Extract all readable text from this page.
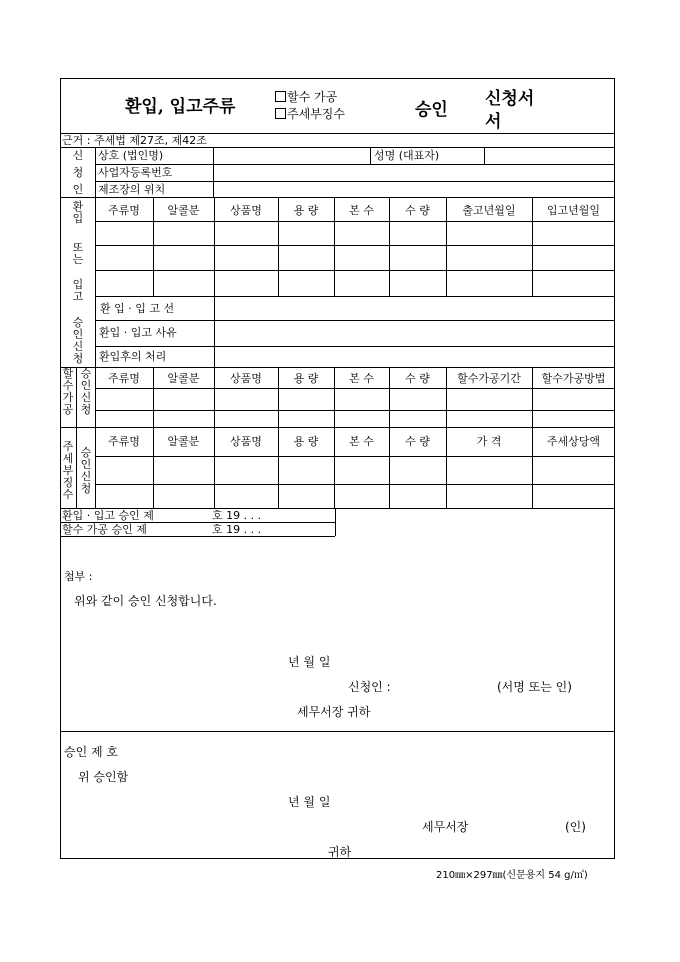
환입, 입고주류	할수 가공
주세부징수	승인
신청서
서
근거 : 주세법 제27조, 제42조
신
청
인
상호 (법인명)	성명 (대표자)
사업자등록번호
제조장의 위치
환
입
또
는
입
고
승
인
신
청
주류명	알콜분	상품명	용 량	본 수	수 량	출고년월일	입고년월일
환 입 · 입 고 선
환입 · 입고 사유
환입후의 처리
할
수
가
공
승
인
신
청
주류명	알콜분	상품명	용 량	본 수	수 량	할수가공기간	할수가공방법
주
세
부
징
수
승
인
신
청
주류명	알콜분	상품명	용 량	본 수	수 량	가 격	주세상당액
환입 · 입고 승인 제	호 19 . . .
할수 가공 승인 제	호 19 . . .
첨부 :
위와 같이 승인 신청합니다.
년 월 일
신청인 :	(서명 또는 인)
세무서장 귀하
승인 제 호
위 승인함
년 월 일
세무서장	(인)
귀하
210㎜×297㎜(신문용지 54 g/㎡)
